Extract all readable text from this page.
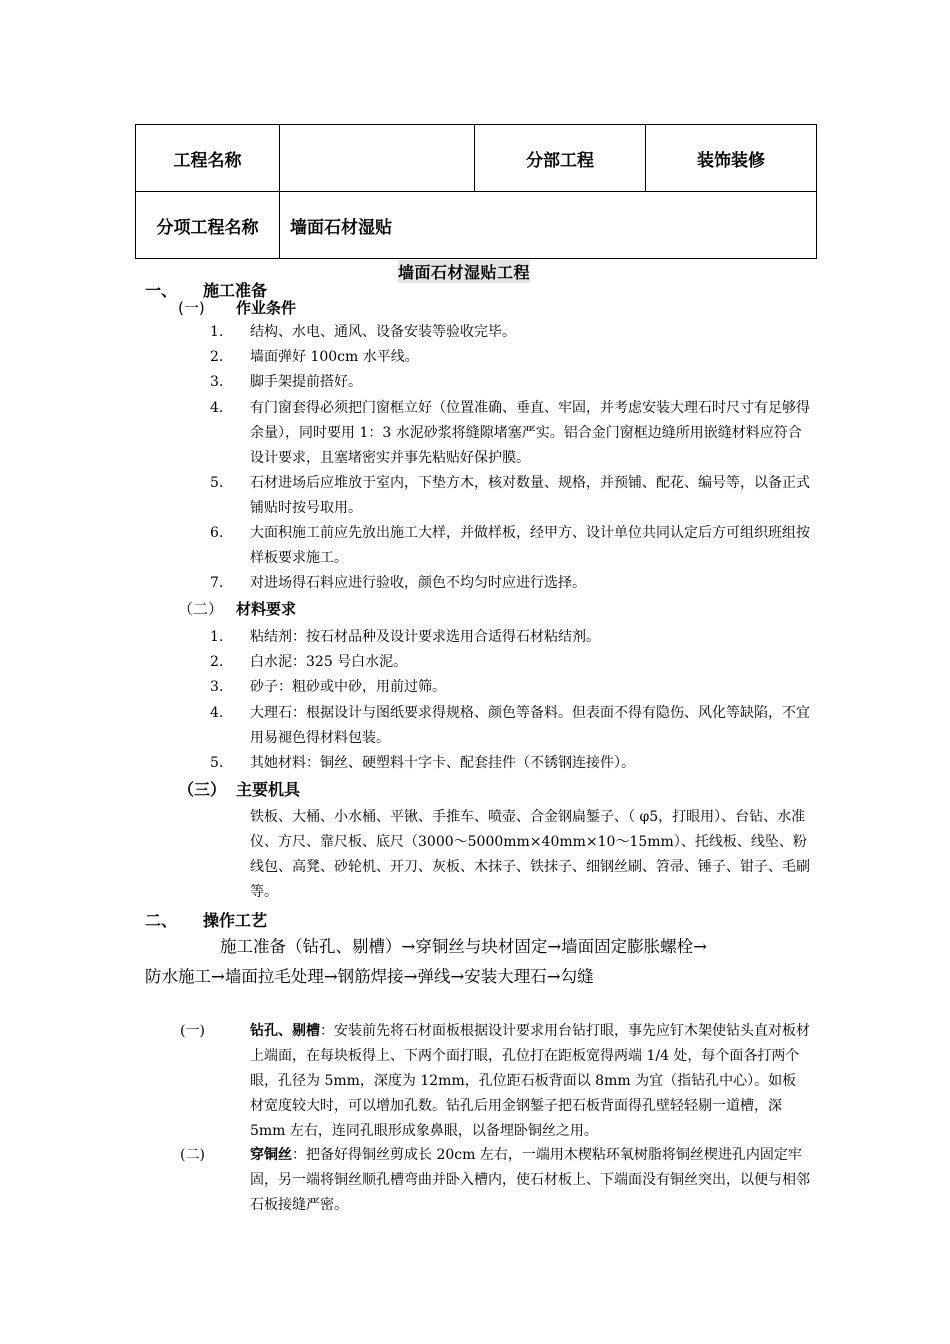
工程名称		分部工程	装饰装修
分项工程名称	墙面石材湿贴		
墙面石材湿贴工程
一、 施工准备
(一) 作业条件
1. 结构、水电、通风、设备安装等验收完毕。
2. 墙面弹好 100cm 水平线。
3. 脚手架提前搭好。
4. 有门窗套得必须把门窗框立好（位置准确、垂直、牢固，并考虑安装大理石时尺寸有足够得余量），同时要用 1：3 水泥砂浆将缝隙堵塞严实。铝合金门窗框边缝所用嵌缝材料应符合设计要求，且塞堵密实并事先粘贴好保护膜。
5. 石材进场后应堆放于室内，下垫方木，核对数量、规格，并预铺、配花、编号等，以备正式铺贴时按号取用。
6. 大面积施工前应先放出施工大样，并做样板，经甲方、设计单位共同认定后方可组织班组按样板要求施工。
7. 对进场得石料应进行验收，颜色不均匀时应进行选择。
（二） 材料要求
1. 粘结剂：按石材品种及设计要求选用合适得石材粘结剂。
2. 白水泥：325 号白水泥。
3. 砂子：粗砂或中砂，用前过筛。
4. 大理石：根据设计与图纸要求得规格、颜色等备料。但表面不得有隐伤、风化等缺陷，不宜用易褪色得材料包装。
5. 其她材料：铜丝、硬塑料十字卡、配套挂件（不锈钢连接件）。
（三） 主要机具
铁板、大桶、小水桶、平锹、手推车、喷壶、合金钢扁錾子、（ φ5，打眼用）、台钻、水准仪、方尺、靠尺板、底尺（3000～5000mm×40mm×10～15mm）、托线板、线坠、粉线包、高凳、砂轮机、开刀、灰板、木抹子、铁抹子、细钢丝刷、笤帚、锤子、钳子、毛刷等。
二、 操作工艺
施工准备（钻孔、剔槽）→穿铜丝与块材固定→墙面固定膨胀螺栓→
防水施工→墙面拉毛处理→钢筋焊接→弹线→安装大理石→勾缝
(一)	钻孔、剔槽：安装前先将石材面板根据设计要求用台钻打眼，事先应钉木架使钻头直对板材上端面，在每块板得上、下两个面打眼，孔位打在距板宽得两端 1/4 处，每个面各打两个眼，孔径为 5mm，深度为 12mm，孔位距石板背面以 8mm 为宜（指钻孔中心）。如板材宽度较大时，可以增加孔数。钻孔后用金钢錾子把石板背面得孔壁轻轻剔一道槽，深 5mm 左右，连同孔眼形成象鼻眼，以备埋卧铜丝之用。
(二)	穿铜丝：把备好得铜丝剪成长 20cm 左右，一端用木楔粘环氧树脂将铜丝楔进孔内固定牢固，另一端将铜丝顺孔槽弯曲并卧入槽内，使石材板上、下端面没有铜丝突出，以便与相邻石板接缝严密。
